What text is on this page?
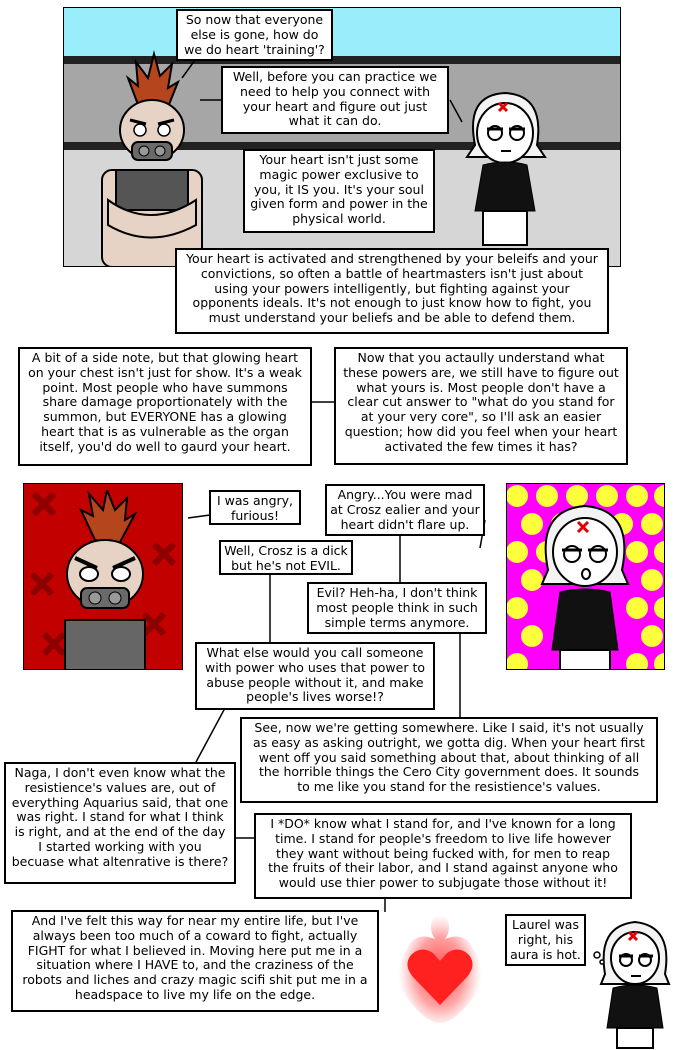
So now that everyone
else is gone, how do
we do heart 'training'?
Well, before you can practice we
need to help you connect with
your heart and figure out just
what it can do.
Your heart isn't just some
magic power exclusive to
you, it IS you. It's your soul
given form and power in the
physical world.
Your heart is activated and strengthened by your beleifs and your
convictions, so often a battle of heartmasters isn't just about
using your powers intelligently, but fighting against your
opponents ideals. It's not enough to just know how to fight, you
must understand your beliefs and be able to defend them.
A bit of a side note, but that glowing heart
on your chest isn't just for show. It's a weak
point. Most people who have summons
share damage proportionately with the
summon, but EVERYONE has a glowing
heart that is as vulnerable as the organ
itself, you'd do well to gaurd your heart.
Now that you actaully understand what
these powers are, we still have to figure out
what yours is. Most people don't have a
clear cut answer to "what do you stand for
at your very core", so I'll ask an easier
question; how did you feel when your heart
activated the few times it has?
I was angry,
furious!
Angry...You were mad
at Crosz ealier and your
heart didn't flare up.
Well, Crosz is a dick
but he's not EVIL.
Evil? Heh-ha, I don't think
most people think in such
simple terms anymore.
What else would you call someone
with power who uses that power to
abuse people without it, and make
people's lives worse!?
See, now we're getting somewhere. Like I said, it's not usually
as easy as asking outright, we gotta dig. When your heart first
went off you said something about that, about thinking of all
the horrible things the Cero City government does. It sounds
to me like you stand for the resistience's values.
Naga, I don't even know what the
resistience's values are, out of
everything Aquarius said, that one
was right. I stand for what I think
is right, and at the end of the day
I started working with you
becuase what altenrative is there?
I *DO* know what I stand for, and I've known for a long
time. I stand for people's freedom to live life however
they want without being fucked with, for men to reap
the fruits of their labor, and I stand against anyone who
would use thier power to subjugate those without it!
And I've felt this way for near my entire life, but I've
always been too much of a coward to fight, actually
FIGHT for what I believed in. Moving here put me in a
situation where I HAVE to, and the craziness of the
robots and liches and crazy magic scifi shit put me in a
headspace to live my life on the edge.
Laurel was
right, his
aura is hot.
